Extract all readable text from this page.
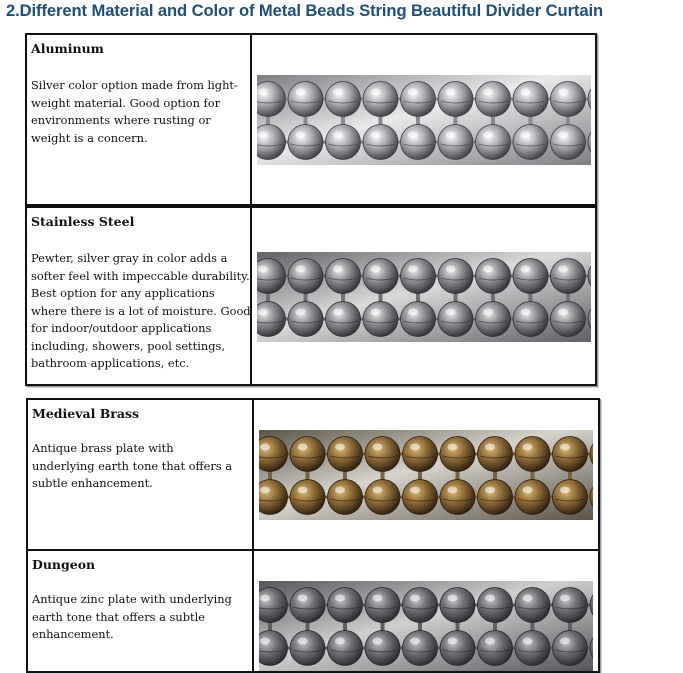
2.Different Material and Color of Metal Beads String Beautiful Divider Curtain

Aluminum

Silver color option made from light-
weight material. Good option for
environments where rusting or
weight is a concern.

Stainless Steel

Pewter, silver gray in color adds a
softer feel with impeccable durability.
Best option for any applications
where there is a lot of moisture. Good
for indoor/outdoor applications
including, showers, pool settings,
bathroom applications, etc.

Medieval Brass

Antique brass plate with
underlying earth tone that offers a
subtle enhancement.

Dungeon

Antique zinc plate with underlying
earth tone that offers a subtle
enhancement.
